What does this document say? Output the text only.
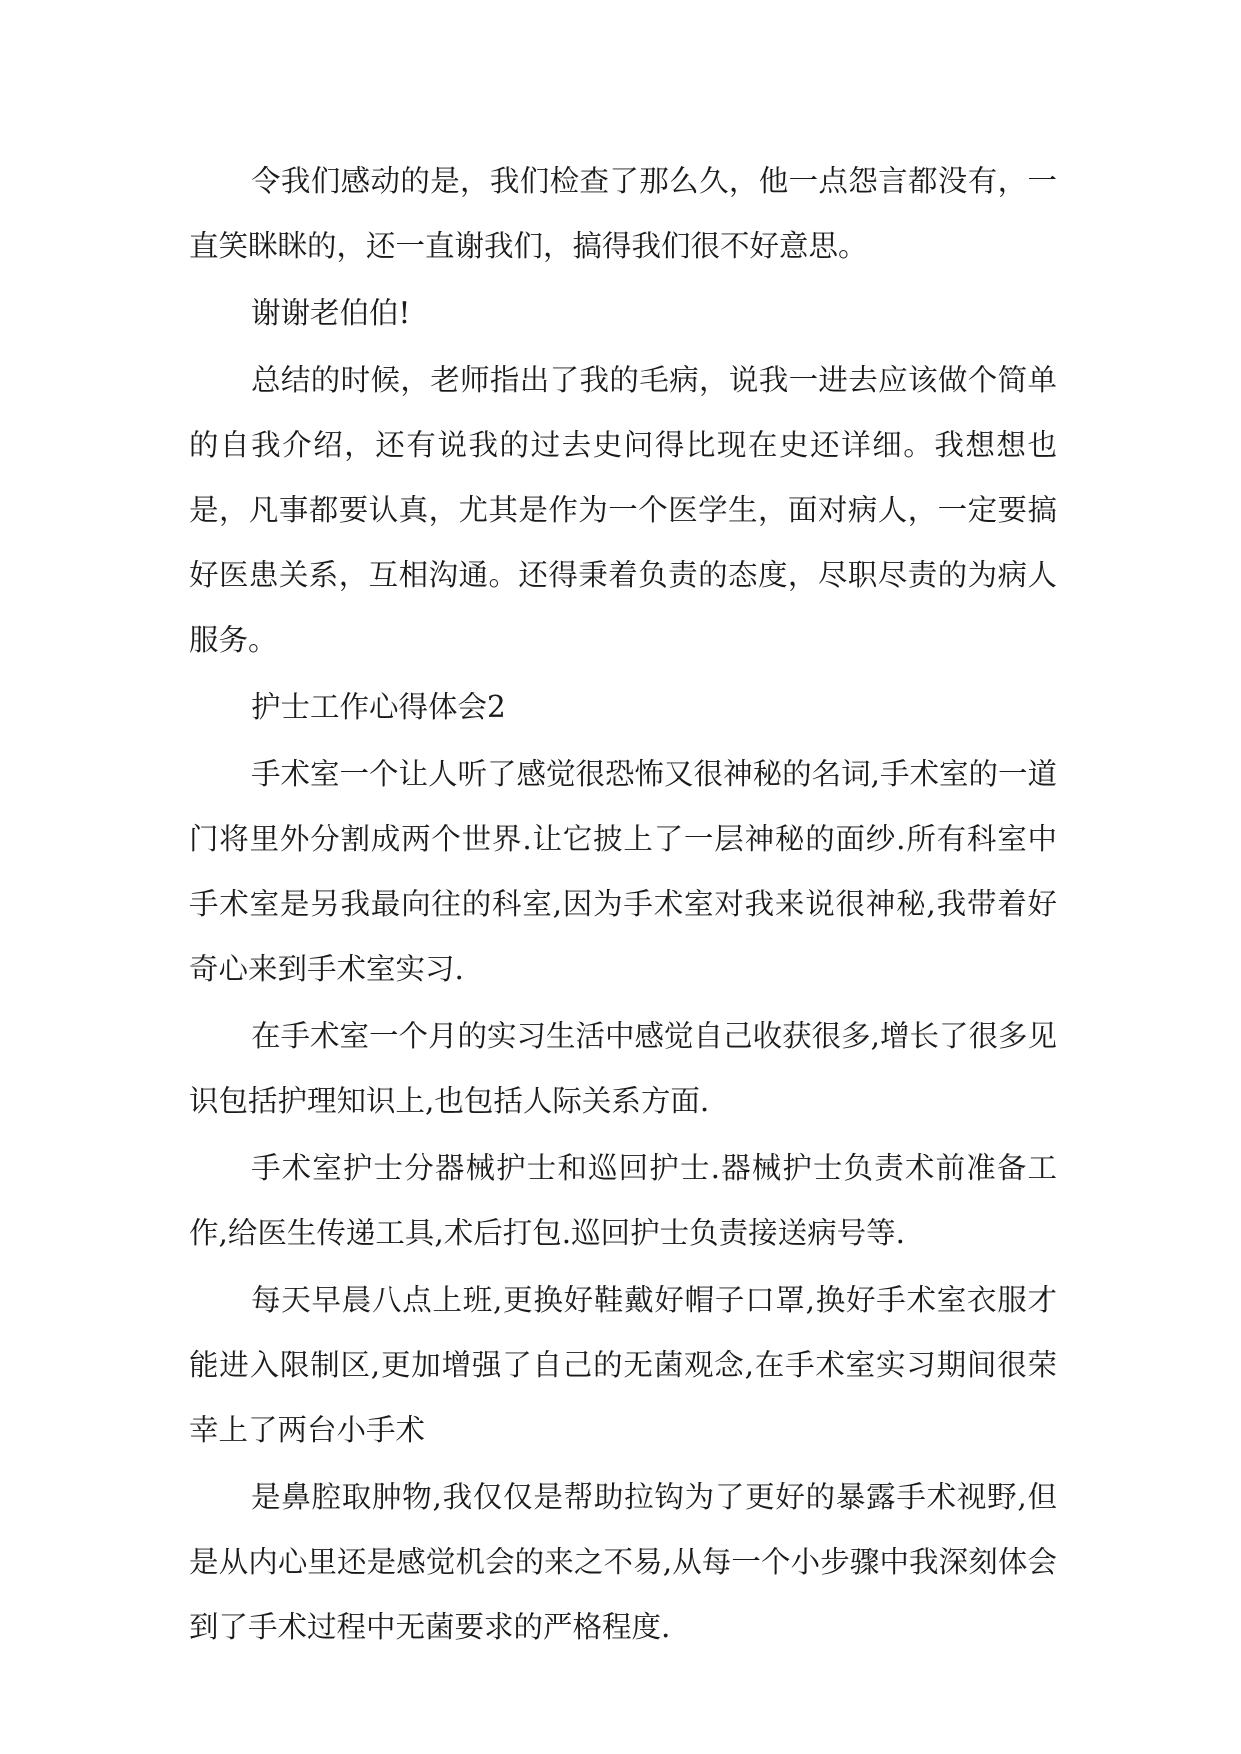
令我们感动的是，我们检查了那么久，他一点怨言都没有，一直笑眯眯的，还一直谢我们，搞得我们很不好意思。

谢谢老伯伯!

总结的时候，老师指出了我的毛病，说我一进去应该做个简单的自我介绍，还有说我的过去史问得比现在史还详细。我想想也是，凡事都要认真，尤其是作为一个医学生，面对病人，一定要搞好医患关系，互相沟通。还得秉着负责的态度，尽职尽责的为病人服务。

护士工作心得体会2

手术室一个让人听了感觉很恐怖又很神秘的名词,手术室的一道门将里外分割成两个世界.让它披上了一层神秘的面纱.所有科室中手术室是另我最向往的科室,因为手术室对我来说很神秘,我带着好奇心来到手术室实习.

在手术室一个月的实习生活中感觉自己收获很多,增长了很多见识包括护理知识上,也包括人际关系方面.

手术室护士分器械护士和巡回护士.器械护士负责术前准备工作,给医生传递工具,术后打包.巡回护士负责接送病号等.

每天早晨八点上班,更换好鞋戴好帽子口罩,换好手术室衣服才能进入限制区,更加增强了自己的无菌观念,在手术室实习期间很荣幸上了两台小手术

是鼻腔取肿物,我仅仅是帮助拉钩为了更好的暴露手术视野,但是从内心里还是感觉机会的来之不易,从每一个小步骤中我深刻体会到了手术过程中无菌要求的严格程度.
